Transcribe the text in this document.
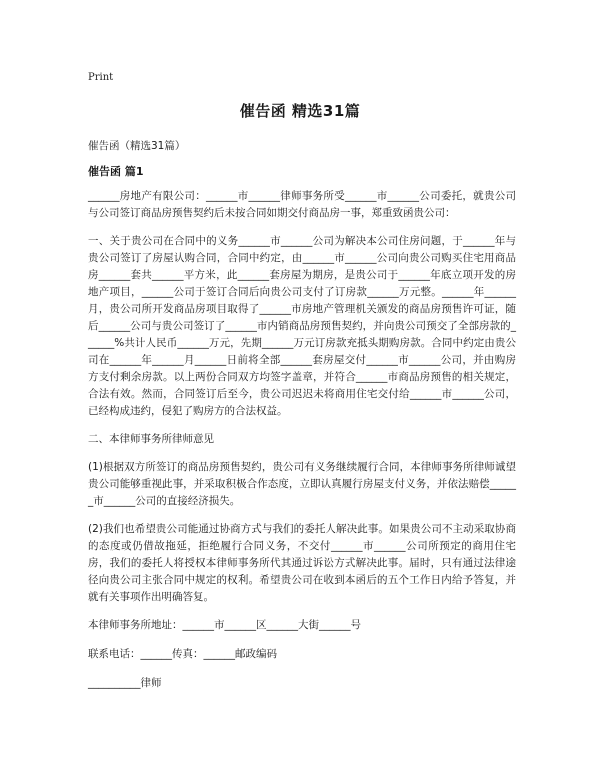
Print
催告函 精选31篇
催告函（精选31篇）
催告函 篇1

______房地产有限公司：______市______律师事务所受______市______公司委托，就贵公司与公司签订商品房预售契约后未按合同如期交付商品房一事，郑重致函贵公司：

一、关于贵公司在合同中的义务______市______公司为解决本公司住房问题，于______年与贵公司签订了房屋认购合同，合同中约定，由______市______公司向贵公司购买住宅用商品房______套共______平方米，此______套房屋为期房，是贵公司于______年底立项开发的房地产项目，______公司于签订合同后向贵公司支付了订房款______万元整。______年______月，贵公司所开发商品房项目取得了______市房地产管理机关颁发的商品房预售许可证，随后______公司与贵公司签订了______市内销商品房预售契约，并向贵公司预交了全部房款的______%共计人民币______万元，先期______万元订房款充抵头期购房款。合同中约定由贵公司在______年______月______日前将全部______套房屋交付______市______公司，并由购房方支付剩余房款。以上两份合同双方均签字盖章，并符合______市商品房预售的相关规定，合法有效。然而，合同签订后至今，贵公司迟迟未将商用住宅交付给______市______公司，已经构成违约，侵犯了购房方的合法权益。

二、本律师事务所律师意见

(1)根据双方所签订的商品房预售契约，贵公司有义务继续履行合同，本律师事务所律师诚望贵公司能够重视此事，并采取积极合作态度，立即认真履行房屋支付义务，并依法赔偿______市______公司的直接经济损失。

(2)我们也希望贵公司能通过协商方式与我们的委托人解决此事。如果贵公司不主动采取协商的态度或仍借故拖延，拒绝履行合同义务，不交付______市______公司所预定的商用住宅房，我们的委托人将授权本律师事务所代其通过诉讼方式解决此事。届时，只有通过法律途径向贵公司主张合同中规定的权利。希望贵公司在收到本函后的五个工作日内给予答复，并就有关事项作出明确答复。

本律师事务所地址：______市______区______大街______号

联系电话：______传真：______邮政编码

__________律师
